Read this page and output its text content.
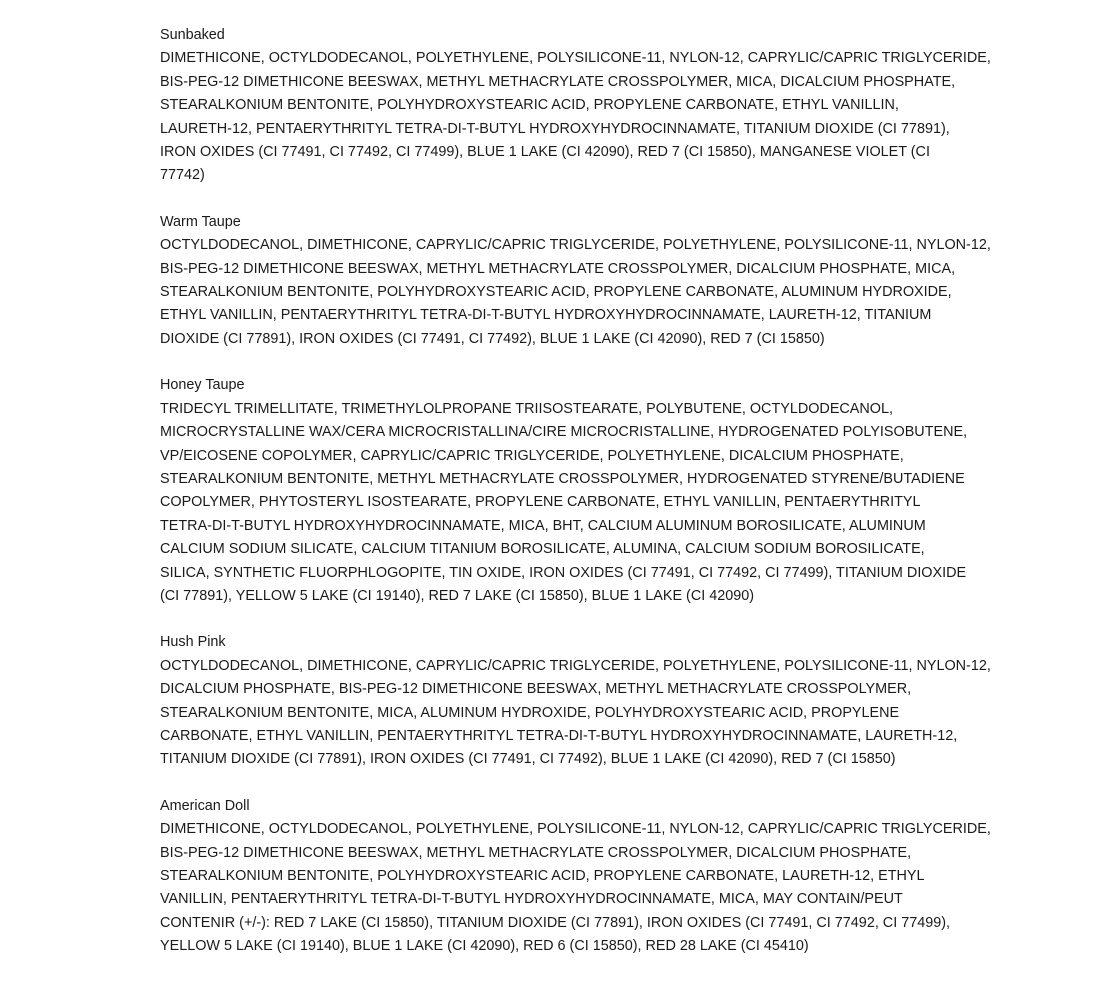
Sunbaked
DIMETHICONE, OCTYLDODECANOL, POLYETHYLENE, POLYSILICONE-11, NYLON-12, CAPRYLIC/CAPRIC TRIGLYCERIDE,
BIS-PEG-12 DIMETHICONE BEESWAX, METHYL METHACRYLATE CROSSPOLYMER, MICA, DICALCIUM PHOSPHATE,
STEARALKONIUM BENTONITE, POLYHYDROXYSTEARIC ACID, PROPYLENE CARBONATE, ETHYL VANILLIN,
LAURETH-12, PENTAERYTHRITYL TETRA-DI-T-BUTYL HYDROXYHYDROCINNAMATE, TITANIUM DIOXIDE (CI 77891),
IRON OXIDES (CI 77491, CI 77492, CI 77499), BLUE 1 LAKE (CI 42090), RED 7 (CI 15850), MANGANESE VIOLET (CI
77742)
Warm Taupe
OCTYLDODECANOL, DIMETHICONE, CAPRYLIC/CAPRIC TRIGLYCERIDE, POLYETHYLENE, POLYSILICONE-11, NYLON-12,
BIS-PEG-12 DIMETHICONE BEESWAX, METHYL METHACRYLATE CROSSPOLYMER, DICALCIUM PHOSPHATE, MICA,
STEARALKONIUM BENTONITE, POLYHYDROXYSTEARIC ACID, PROPYLENE CARBONATE, ALUMINUM HYDROXIDE,
ETHYL VANILLIN, PENTAERYTHRITYL TETRA-DI-T-BUTYL HYDROXYHYDROCINNAMATE, LAURETH-12, TITANIUM
DIOXIDE (CI 77891), IRON OXIDES (CI 77491, CI 77492), BLUE 1 LAKE (CI 42090), RED 7 (CI 15850)
Honey Taupe
TRIDECYL TRIMELLITATE, TRIMETHYLOLPROPANE TRIISOSTEARATE, POLYBUTENE, OCTYLDODECANOL,
MICROCRYSTALLINE WAX/CERA MICROCRISTALLINA/CIRE MICROCRISTALLINE, HYDROGENATED POLYISOBUTENE,
VP/EICOSENE COPOLYMER, CAPRYLIC/CAPRIC TRIGLYCERIDE, POLYETHYLENE, DICALCIUM PHOSPHATE,
STEARALKONIUM BENTONITE, METHYL METHACRYLATE CROSSPOLYMER, HYDROGENATED STYRENE/BUTADIENE
COPOLYMER, PHYTOSTERYL ISOSTEARATE, PROPYLENE CARBONATE, ETHYL VANILLIN, PENTAERYTHRITYL
TETRA-DI-T-BUTYL HYDROXYHYDROCINNAMATE, MICA, BHT, CALCIUM ALUMINUM BOROSILICATE, ALUMINUM
CALCIUM SODIUM SILICATE, CALCIUM TITANIUM BOROSILICATE, ALUMINA, CALCIUM SODIUM BOROSILICATE,
SILICA, SYNTHETIC FLUORPHLOGOPITE, TIN OXIDE, IRON OXIDES (CI 77491, CI 77492, CI 77499), TITANIUM DIOXIDE
(CI 77891), YELLOW 5 LAKE (CI 19140), RED 7 LAKE (CI 15850), BLUE 1 LAKE (CI 42090)
Hush Pink
OCTYLDODECANOL, DIMETHICONE, CAPRYLIC/CAPRIC TRIGLYCERIDE, POLYETHYLENE, POLYSILICONE-11, NYLON-12,
DICALCIUM PHOSPHATE, BIS-PEG-12 DIMETHICONE BEESWAX, METHYL METHACRYLATE CROSSPOLYMER,
STEARALKONIUM BENTONITE, MICA, ALUMINUM HYDROXIDE, POLYHYDROXYSTEARIC ACID, PROPYLENE
CARBONATE, ETHYL VANILLIN, PENTAERYTHRITYL TETRA-DI-T-BUTYL HYDROXYHYDROCINNAMATE, LAURETH-12,
TITANIUM DIOXIDE (CI 77891), IRON OXIDES (CI 77491, CI 77492), BLUE 1 LAKE (CI 42090), RED 7 (CI 15850)
American Doll
DIMETHICONE, OCTYLDODECANOL, POLYETHYLENE, POLYSILICONE-11, NYLON-12, CAPRYLIC/CAPRIC TRIGLYCERIDE,
BIS-PEG-12 DIMETHICONE BEESWAX, METHYL METHACRYLATE CROSSPOLYMER, DICALCIUM PHOSPHATE,
STEARALKONIUM BENTONITE, POLYHYDROXYSTEARIC ACID, PROPYLENE CARBONATE, LAURETH-12, ETHYL
VANILLIN, PENTAERYTHRITYL TETRA-DI-T-BUTYL HYDROXYHYDROCINNAMATE, MICA, MAY CONTAIN/PEUT
CONTENIR (+/-): RED 7 LAKE (CI 15850), TITANIUM DIOXIDE (CI 77891), IRON OXIDES (CI 77491, CI 77492, CI 77499),
YELLOW 5 LAKE (CI 19140), BLUE 1 LAKE (CI 42090), RED 6 (CI 15850), RED 28 LAKE (CI 45410)
